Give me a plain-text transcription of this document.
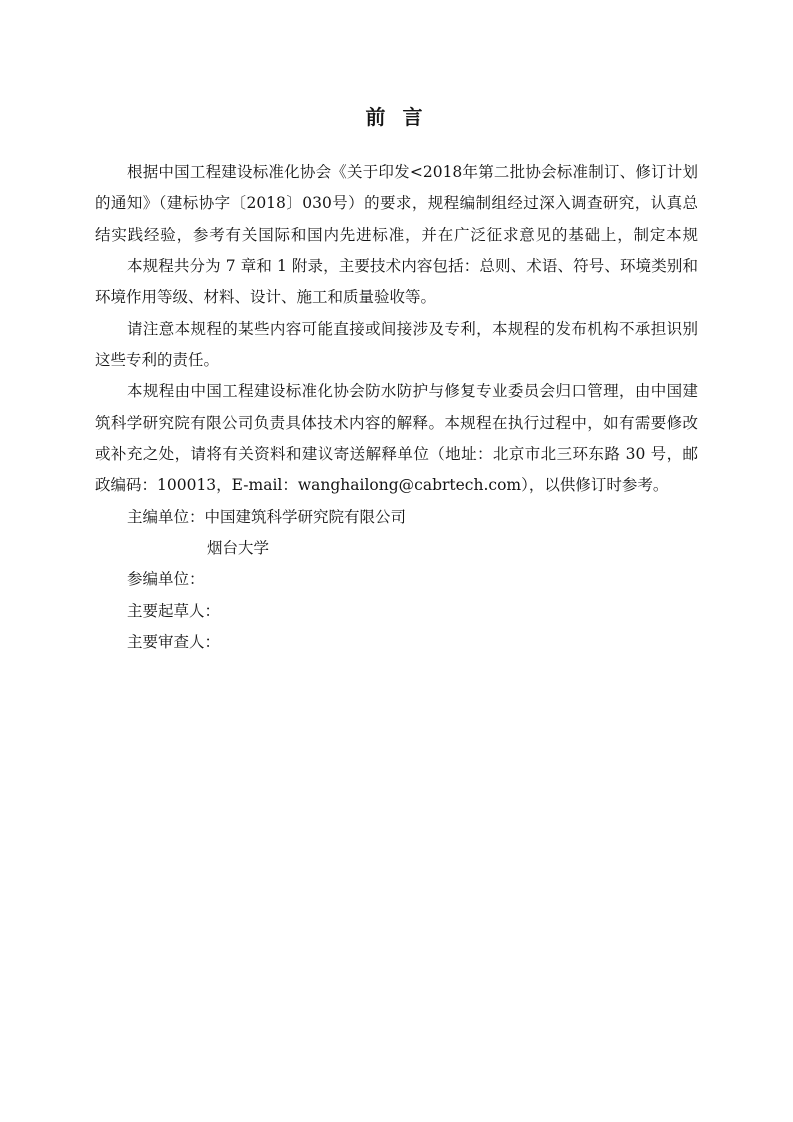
前 言
根据中国工程建设标准化协会《关于印发<2018年第二批协会标准制订、修订计划
的通知》（建标协字〔2018〕030号）的要求，规程编制组经过深入调查研究，认真总
结实践经验，参考有关国际和国内先进标准，并在广泛征求意见的基础上，制定本规
本规程共分为 7 章和 1 附录，主要技术内容包括：总则、术语、符号、环境类别和
环境作用等级、材料、设计、施工和质量验收等。
请注意本规程的某些内容可能直接或间接涉及专利，本规程的发布机构不承担识别
这些专利的责任。
本规程由中国工程建设标准化协会防水防护与修复专业委员会归口管理，由中国建
筑科学研究院有限公司负责具体技术内容的解释。本规程在执行过程中，如有需要修改
或补充之处，请将有关资料和建议寄送解释单位（地址：北京市北三环东路 30 号，邮
政编码：100013，E-mail：wanghailong@cabrtech.com），以供修订时参考。
主编单位：中国建筑科学研究院有限公司
烟台大学
参编单位：
主要起草人：
主要审查人：
